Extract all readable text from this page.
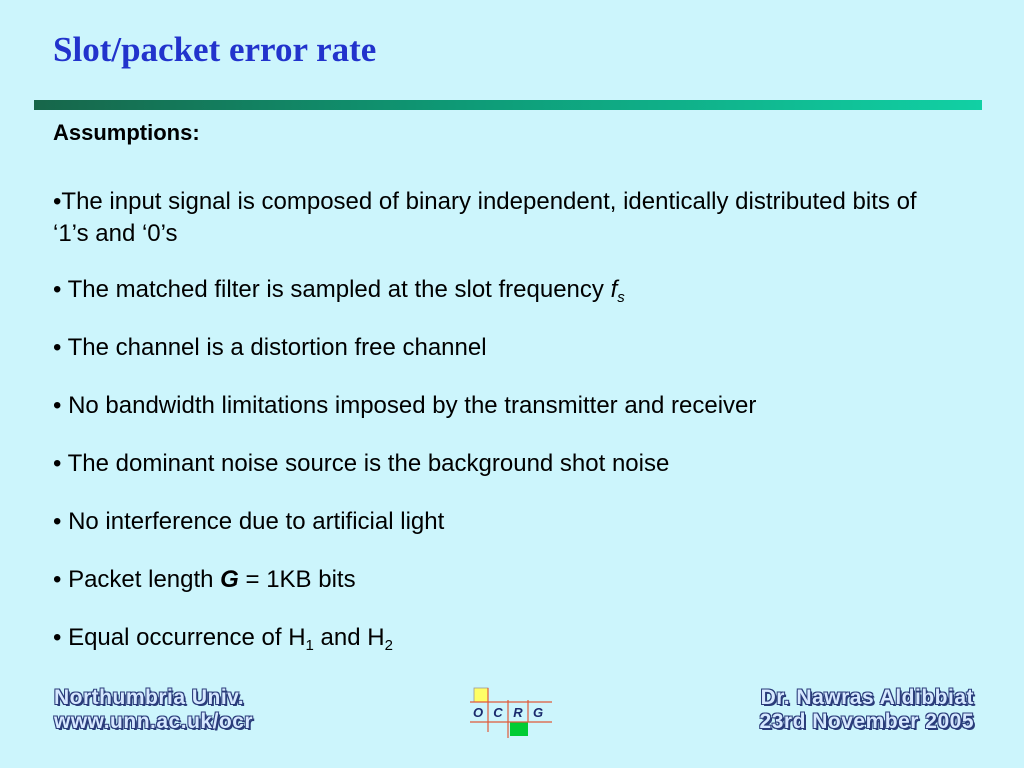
Slot/packet error rate
Assumptions:
•The input signal is composed of binary independent, identically distributed bits of ‘1’s and ‘0’s
• The matched filter is sampled at the slot frequency $f_s$
• The channel is a distortion free channel
• No bandwidth limitations imposed by the transmitter and receiver
• The dominant noise source is the background shot noise
• No interference due to artificial light
• Packet length G = 1KB bits
• Equal occurrence of $H_1$ and $H_2$
Northumbria Univ.
www.unn.ac.uk/ocr	O C R G
Dr. Nawras Aldibbiat
23rd November 2005
